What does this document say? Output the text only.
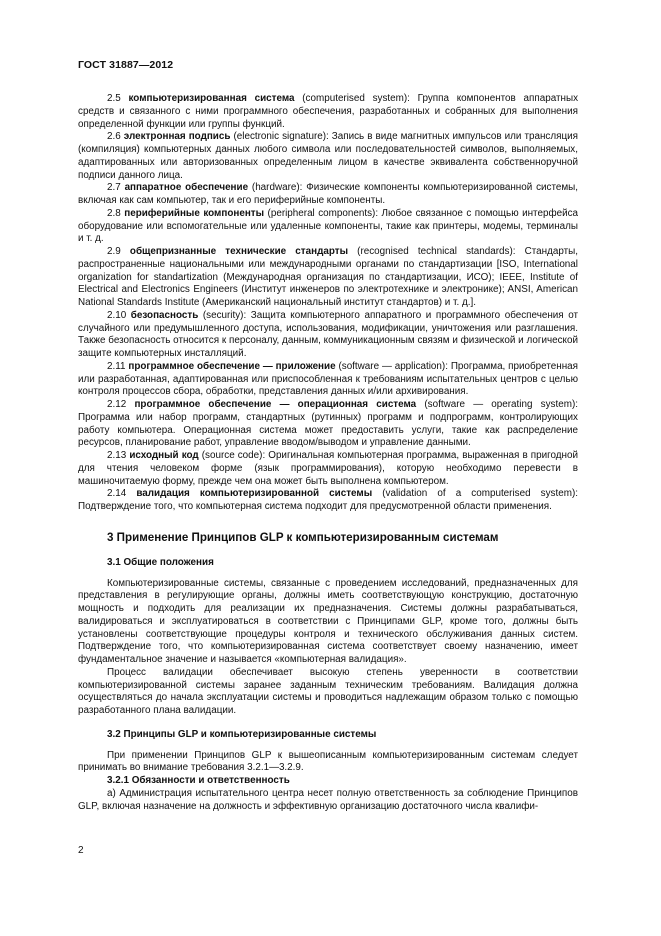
ГОСТ 31887—2012

2.5 компьютеризированная система (computerised system): Группа компонентов аппаратных средств и связанного с ними программного обеспечения, разработанных и собранных для выполнения определенной функции или группы функций.

2.6 электронная подпись (electronic signature): Запись в виде магнитных импульсов или трансляция (компиляция) компьютерных данных любого символа или последовательностей символов, выполняемых, адаптированных или авторизованных определенным лицом в качестве эквивалента собственноручной подписи данного лица.

2.7 аппаратное обеспечение (hardware): Физические компоненты компьютеризированной системы, включая как сам компьютер, так и его периферийные компоненты.

2.8 периферийные компоненты (peripheral components): Любое связанное с помощью интерфейса оборудование или вспомогательные или удаленные компоненты, такие как принтеры, модемы, терминалы и т. д.

2.9 общепризнанные технические стандарты (recognised technical standards): Стандарты, распространенные национальными или международными органами по стандартизации [ISO, International organization for standartization (Международная организация по стандартизации, ИСО); IEEE, Institute of Electrical and Electronics Engineers (Институт инженеров по электротехнике и электронике); ANSI, American National Standards Institute (Американский национальный институт стандартов) и т. д.].

2.10 безопасность (security): Защита компьютерного аппаратного и программного обеспечения от случайного или предумышленного доступа, использования, модификации, уничтожения или разглашения. Также безопасность относится к персоналу, данным, коммуникационным связям и физической и логической защите компьютерных инсталляций.

2.11 программное обеспечение — приложение (software — application): Программа, приобретенная или разработанная, адаптированная или приспособленная к требованиям испытательных центров с целью контроля процессов сбора, обработки, представления данных и/или архивирования.

2.12 программное обеспечение — операционная система (software — operating system): Программа или набор программ, стандартных (рутинных) программ и подпрограмм, контролирующих работу компьютера. Операционная система может предоставить услуги, такие как распределение ресурсов, планирование работ, управление вводом/выводом и управление данными.

2.13 исходный код (source code): Оригинальная компьютерная программа, выраженная в пригодной для чтения человеком форме (язык программирования), которую необходимо перевести в машиночитаемую форму, прежде чем она может быть выполнена компьютером.

2.14 валидация компьютеризированной системы (validation of a computerised system): Подтверждение того, что компьютерная система подходит для предусмотренной области применения.

3 Применение Принципов GLP к компьютеризированным системам
3.1 Общие положения

Компьютеризированные системы, связанные с проведением исследований, предназначенных для представления в регулирующие органы, должны иметь соответствующую конструкцию, достаточную мощность и подходить для реализации их предназначения. Системы должны разрабатываться, валидироваться и эксплуатироваться в соответствии с Принципами GLP, кроме того, должны быть установлены соответствующие процедуры контроля и технического обслуживания данных систем. Подтверждение того, что компьютеризированная система соответствует своему назначению, имеет фундаментальное значение и называется «компьютерная валидация».

Процесс валидации обеспечивает высокую степень уверенности в соответствии компьютеризированной системы заранее заданным техническим требованиям. Валидация должна осуществляться до начала эксплуатации системы и проводиться надлежащим образом только с помощью разработанного плана валидации.

3.2 Принципы GLP и компьютеризированные системы

При применении Принципов GLP к вышеописанным компьютеризированным системам следует принимать во внимание требования 3.2.1—3.2.9.

3.2.1 Обязанности и ответственность

а) Администрация испытательного центра несет полную ответственность за соблюдение Принципов GLP, включая назначение на должность и эффективную организацию достаточного числа квалифи-

2
